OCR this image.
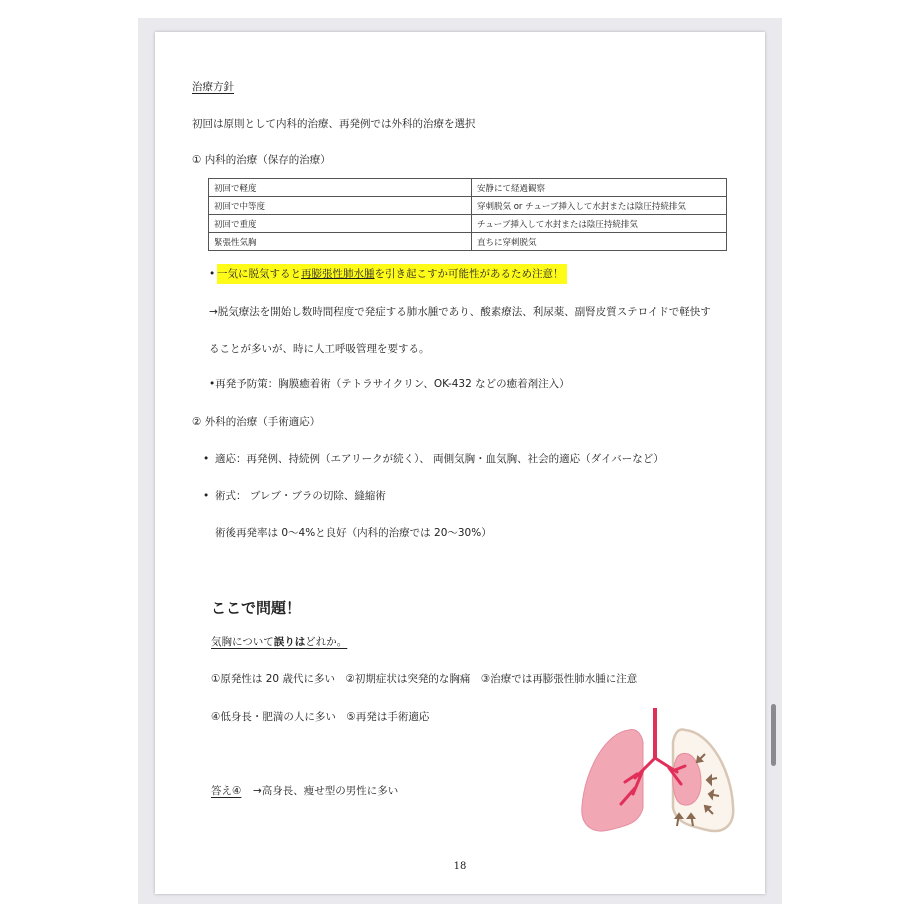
治療方針
初回は原則として内科的治療、再発例では外科的治療を選択
① 内科的治療（保存的治療）
初回で軽度	安静にて経過観察
初回で中等度	穿刺脱気 or チューブ挿入して水封または陰圧持続排気
初回で重度	チューブ挿入して水封または陰圧持続排気
緊張性気胸	直ちに穿刺脱気
• 一気に脱気すると再膨張性肺水腫を引き起こすか可能性があるため注意！
→脱気療法を開始し数時間程度で発症する肺水腫であり、酸素療法、利尿薬、副腎皮質ステロイドで軽快す
ることが多いが、時に人工呼吸管理を要する。
•再発予防策：胸膜癒着術（テトラサイクリン、OK-432 などの癒着剤注入）
② 外科的治療（手術適応）
• 適応：再発例、持続例（エアリークが続く）、 両側気胸・血気胸、社会的適応（ダイバーなど）
• 術式： ブレブ・ブラの切除、縫縮術
術後再発率は 0～4%と良好（内科的治療では 20～30%）
ここで問題！
気胸について誤りはどれか。
①原発性は 20 歳代に多い　②初期症状は突発的な胸痛　③治療では再膨張性肺水腫に注意
④低身長・肥満の人に多い　⑤再発は手術適応
答え④ →高身長、痩せ型の男性に多い
18
